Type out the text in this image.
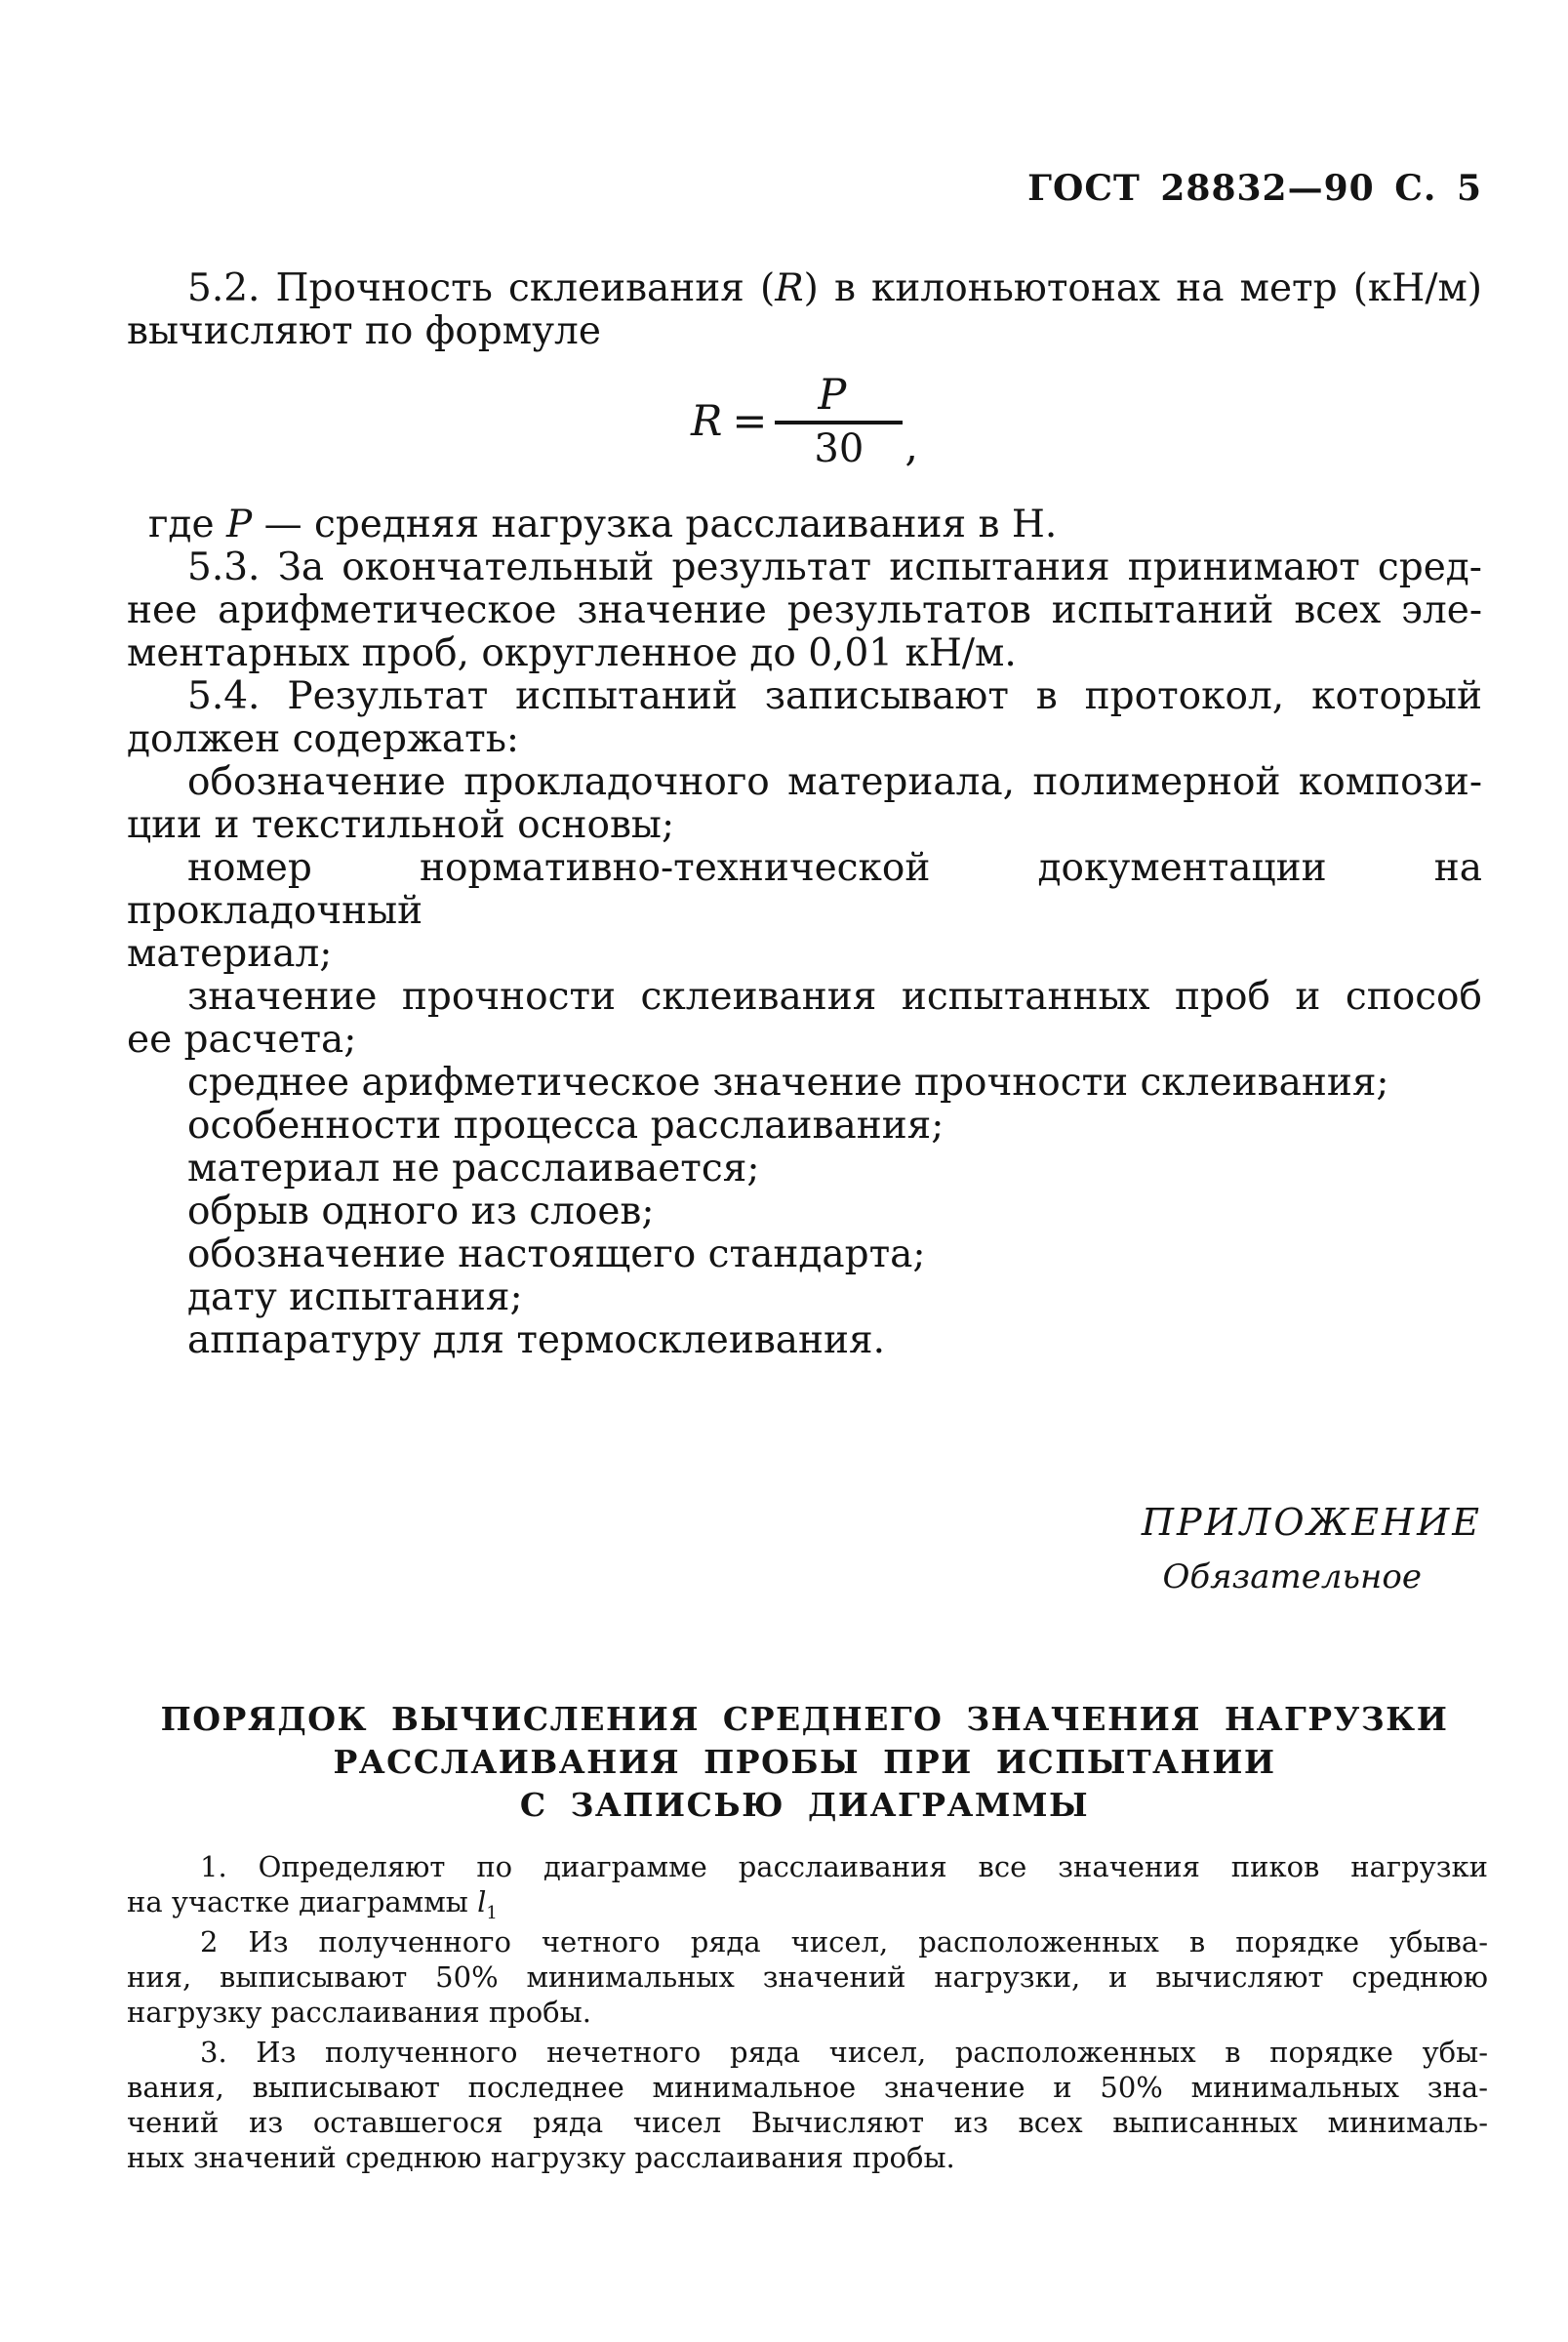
ГОСТ 28832—90 С. 5
5.2. Прочность склеивания (R) в килоньютонах на метр (кН/м)
вычисляют по формуле
$R = \frac{P}{30}$ ,
где Р — средняя нагрузка расслаивания в Н.
5.3. За окончательный результат испытания принимают сред-
нее арифметическое значение результатов испытаний всех эле-
ментарных проб, округленное до 0,01 кН/м.
5.4. Результат испытаний записывают в протокол, который
должен содержать:
обозначение прокладочного материала, полимерной компози-
ции и текстильной основы;
номер нормативно-технической документации на прокладочный
материал;
значение прочности склеивания испытанных проб и способ
ее расчета;
среднее арифметическое значение прочности склеивания;
особенности процесса расслаивания;
материал не расслаивается;
обрыв одного из слоев;
обозначение настоящего стандарта;
дату испытания;
аппаратуру для термосклеивания.
ПРИЛОЖЕНИЕ
Обязательное
ПОРЯДОК ВЫЧИСЛЕНИЯ СРЕДНЕГО ЗНАЧЕНИЯ НАГРУЗКИ
РАССЛАИВАНИЯ ПРОБЫ ПРИ ИСПЫТАНИИ
С ЗАПИСЬЮ ДИАГРАММЫ
1. Определяют по диаграмме расслаивания все значения пиков нагрузки
на участке диаграммы $l_1$
2 Из полученного четного ряда чисел, расположенных в порядке убыва-
ния, выписывают 50% минимальных значений нагрузки, и вычисляют среднюю
нагрузку расслаивания пробы.
3. Из полученного нечетного ряда чисел, расположенных в порядке убы-
вания, выписывают последнее минимальное значение и 50% минимальных зна-
чений из оставшегося ряда чисел Вычисляют из всех выписанных минималь-
ных значений среднюю нагрузку расслаивания пробы.
